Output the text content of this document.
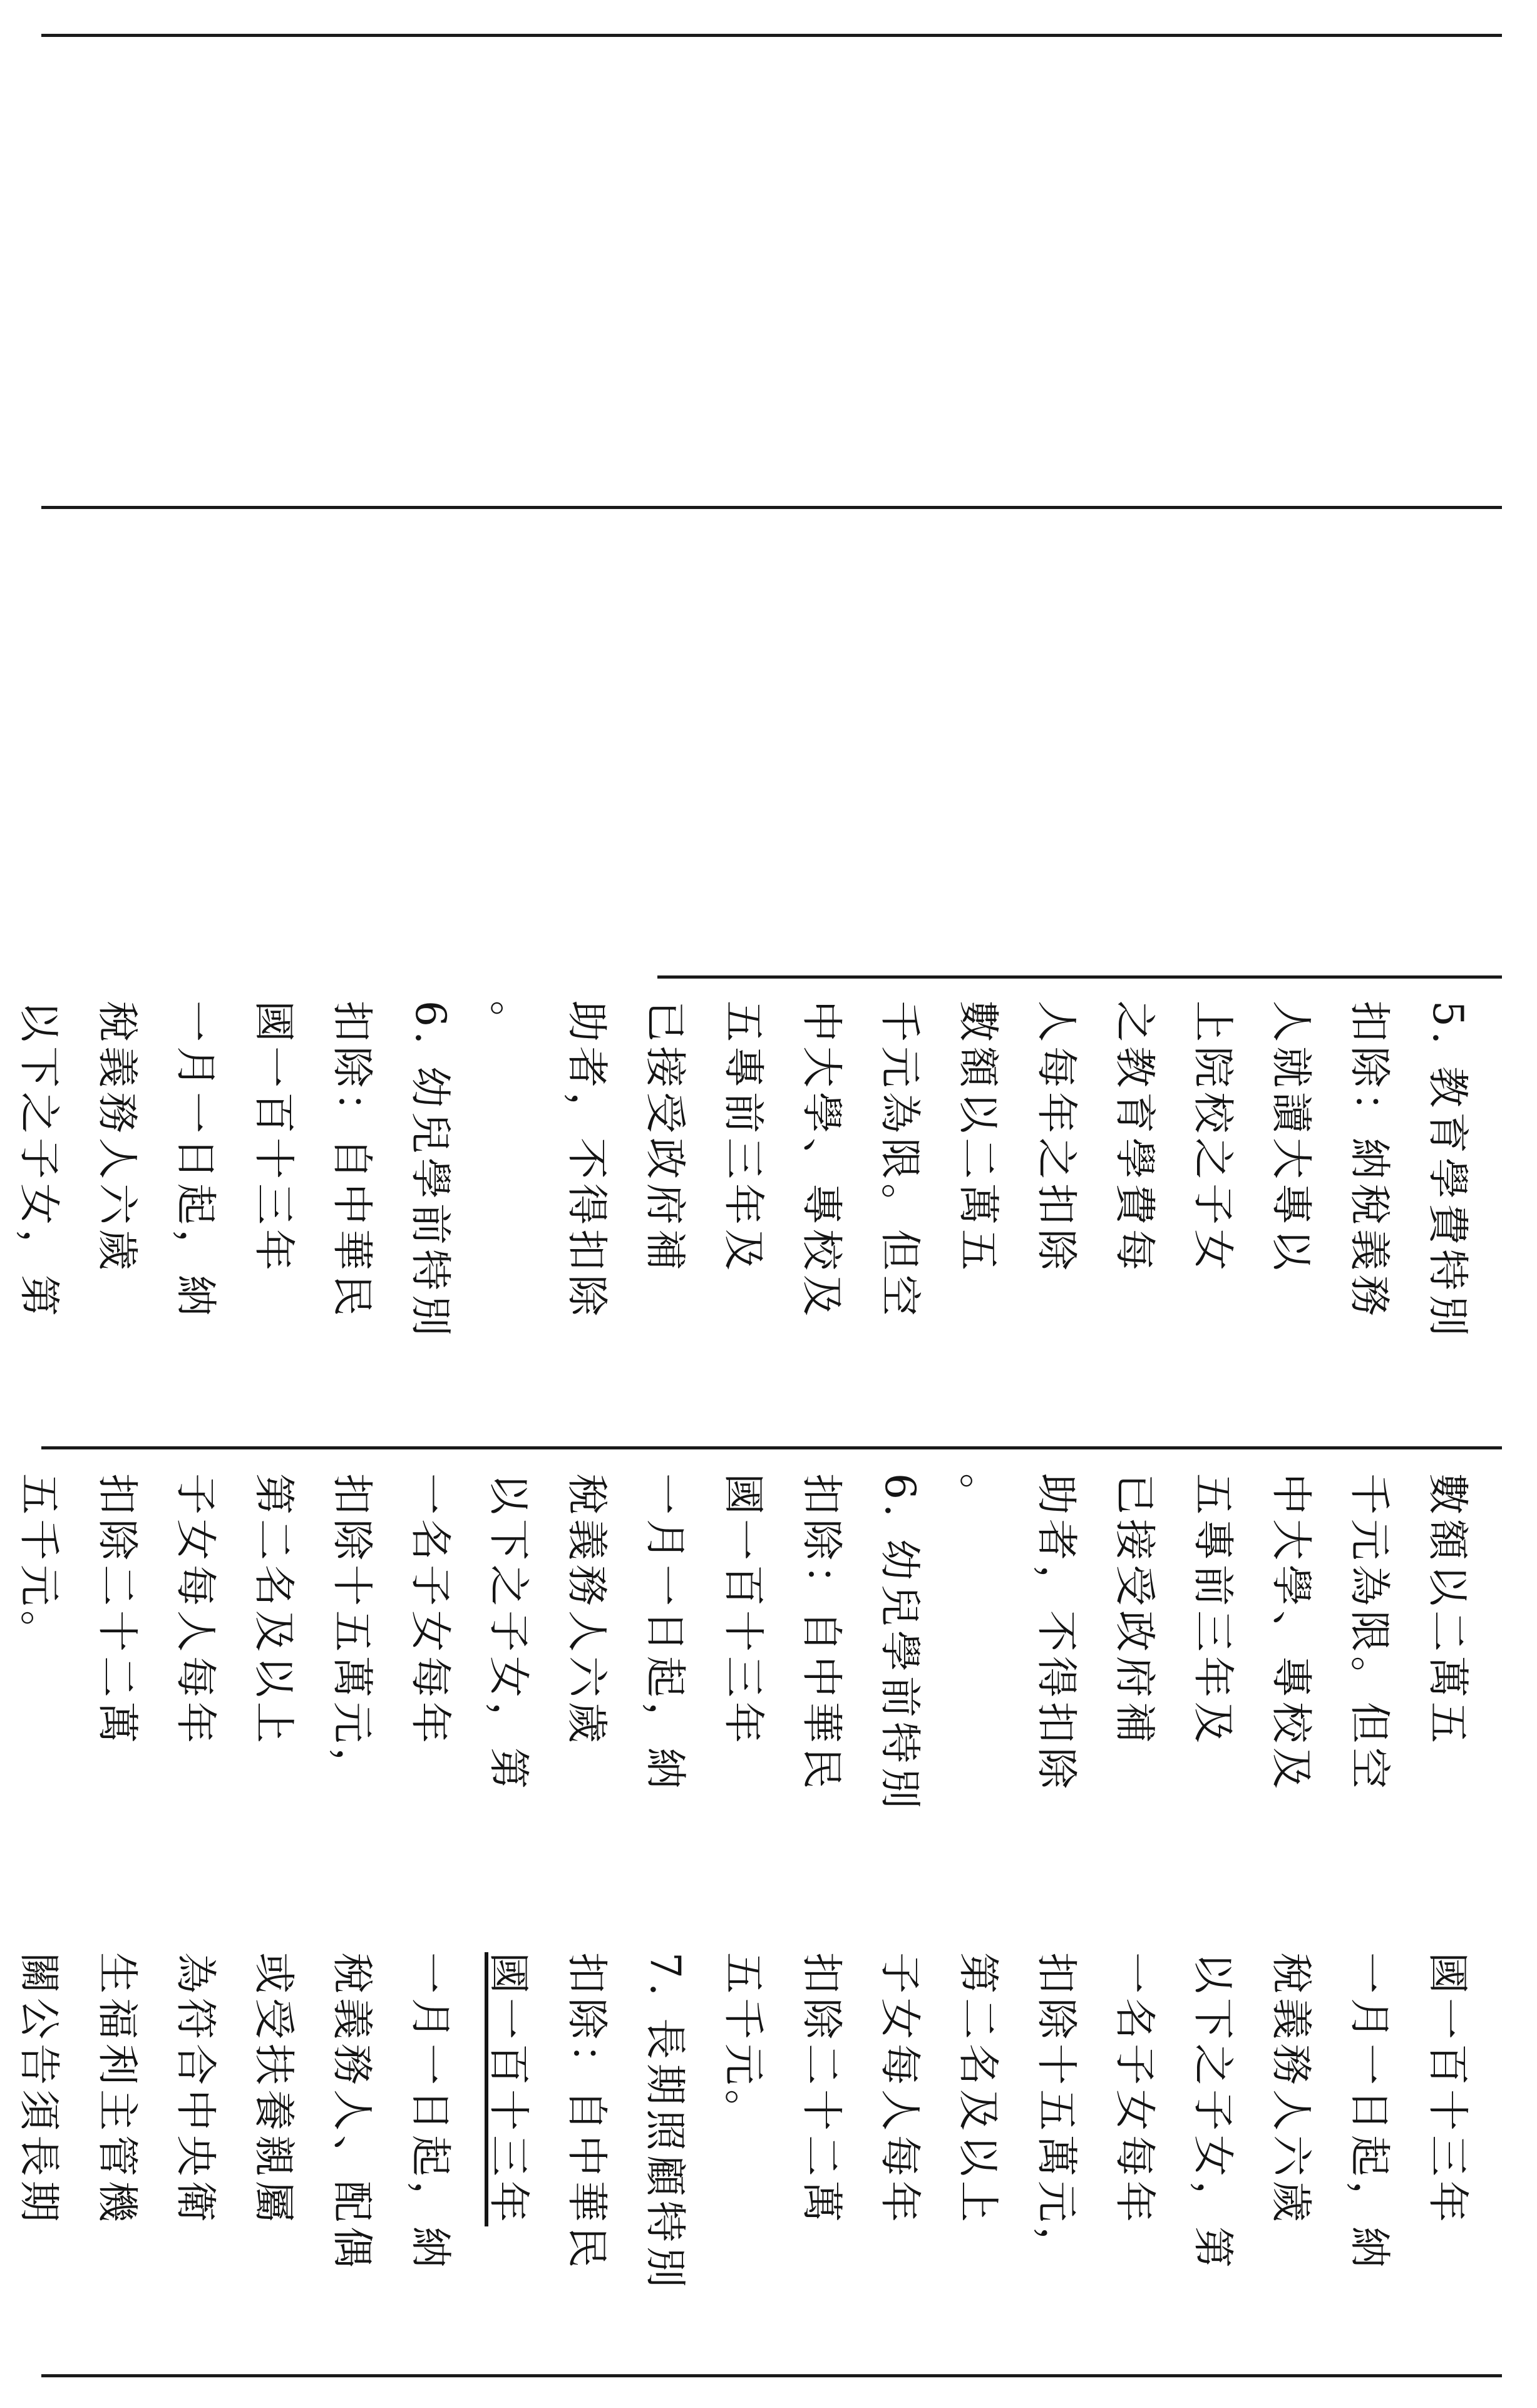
國一百十三年
一月一日起，納
稅義務人六歲
以下之子女，第
一名子女每年
扣除十五萬元，
第二名及以上
子女每人每年
扣除二十二萬
五千元。
7. 長期照顧特別
扣除：自中華民
國一百十三年
一月一日起，納
稅義務人、配偶
或受扶養親屬
為符合中央衛
生福利主管機
關公告須長期
數額以二萬五
千元為限。但空
中大學、專校及
五專前三年及
已接受政府補
助者，不得扣除
。
6. 幼兒學前特別
扣除：自中華民
國一百十三年
一月一日起，納
稅義務人六歲
以下之子女，第
一名子女每年
扣除十五萬元，
第二名及以上
子女每人每年
扣除二十二萬
五千元。
5. 教育學費特別
扣除：納稅義務
人就讀大專以
上院校之子女
之教育學費每
人每年之扣除
數額以二萬五
千元為限。但空
中大學、專校及
五專前三年及
已接受政府補
助者，不得扣除
。
6. 幼兒學前特別
扣除：自中華民
國一百十三年
一月一日起，納
稅義務人六歲
以下之子女，第
